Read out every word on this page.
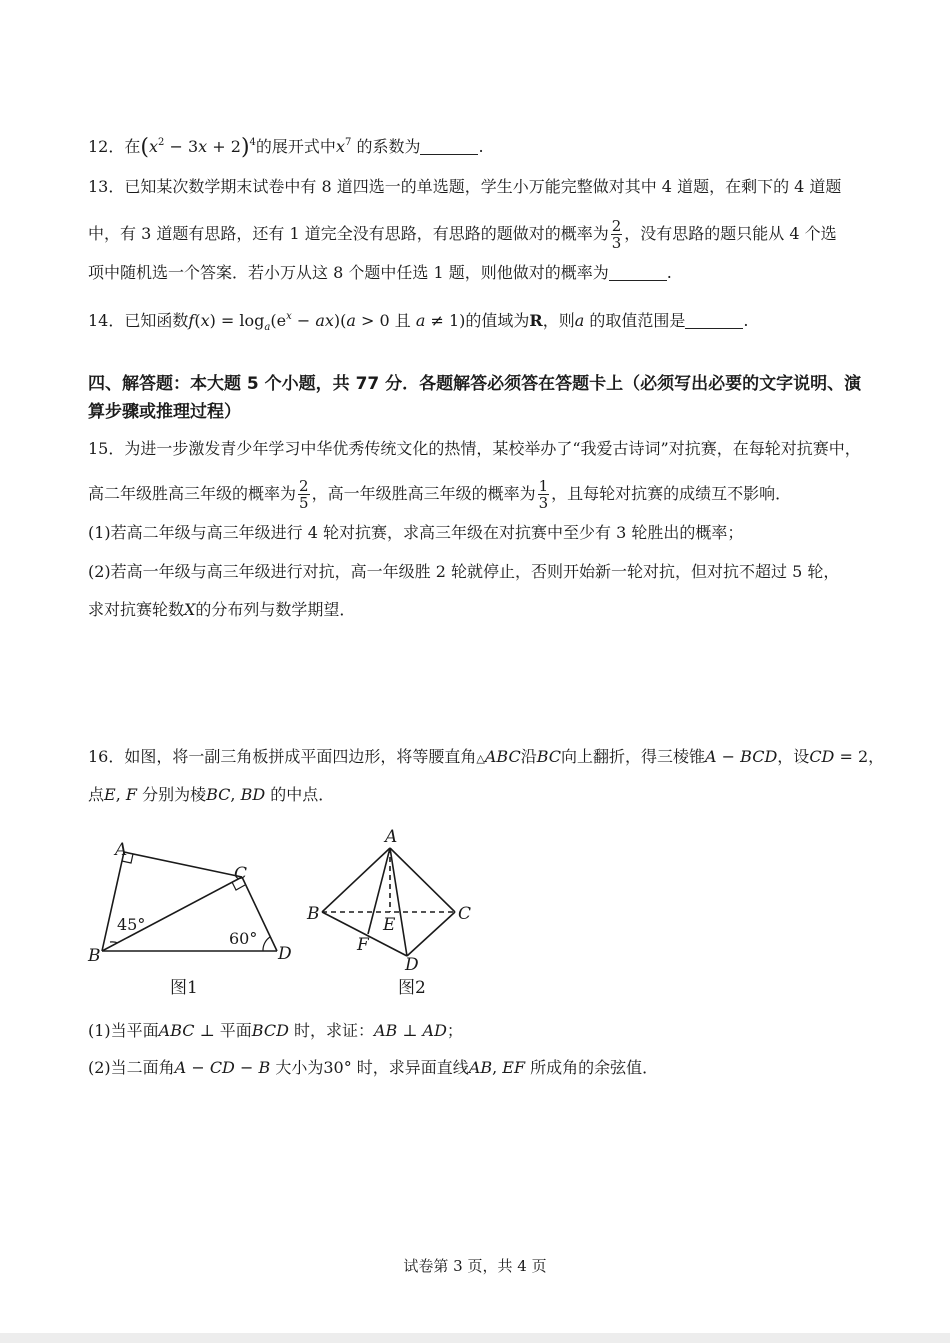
12．在$(x^2 - 3x + 2)^4$的展开式中$x^7$ 的系数为	.
13．已知某次数学期末试卷中有 8 道四选一的单选题，学生小万能完整做对其中 4 道题，在剩下的 4 道题
中，有 3 道题有思路，还有 1 道完全没有思路，有思路的题做对的概率为 $\frac{2}{3}$ ，没有思路的题只能从 4 个选
项中随机选一个答案．若小万从这 8 个题中任选 1 题，则他做对的概率为	.
14．已知函数$f(x) = \log_a(e^x - ax)(a > 0$ 且 a ≠ 1)的值域为R，则a 的取值范围是	.
四、解答题：本大题 5 个小题，共 77 分．各题解答必须答在答题卡上（必须写出必要的文字说明、演算步骤或推理过程）
15．为进一步激发青少年学习中华优秀传统文化的热情，某校举办了“我爱古诗词”对抗赛，在每轮对抗赛中，
高二年级胜高三年级的概率为 $\frac{2}{5}$ ，高一年级胜高三年级的概率为 $\frac{1}{3}$ ，且每轮对抗赛的成绩互不影响．
(1)若高二年级与高三年级进行 4 轮对抗赛，求高三年级在对抗赛中至少有 3 轮胜出的概率；
(2)若高一年级与高三年级进行对抗，高一年级胜 2 轮就停止，否则开始新一轮对抗，但对抗不超过 5 轮，
求对抗赛轮数X的分布列与数学期望．
16．如图，将一副三角板拼成平面四边形，将等腰直角△ABC沿BC向上翻折，得三棱锥A − BCD，设CD = 2，
点E, F 分别为棱BC, BD 的中点．
A
C
B	D
45°
60°
图1
A
B	C
E
F
D
图2
(1)当平面ABC ⊥ 平面BCD 时，求证：AB ⊥ AD；
(2)当二面角A − CD − B 大小为30° 时，求异面直线AB, EF 所成角的余弦值．
试卷第 3 页，共 4 页
